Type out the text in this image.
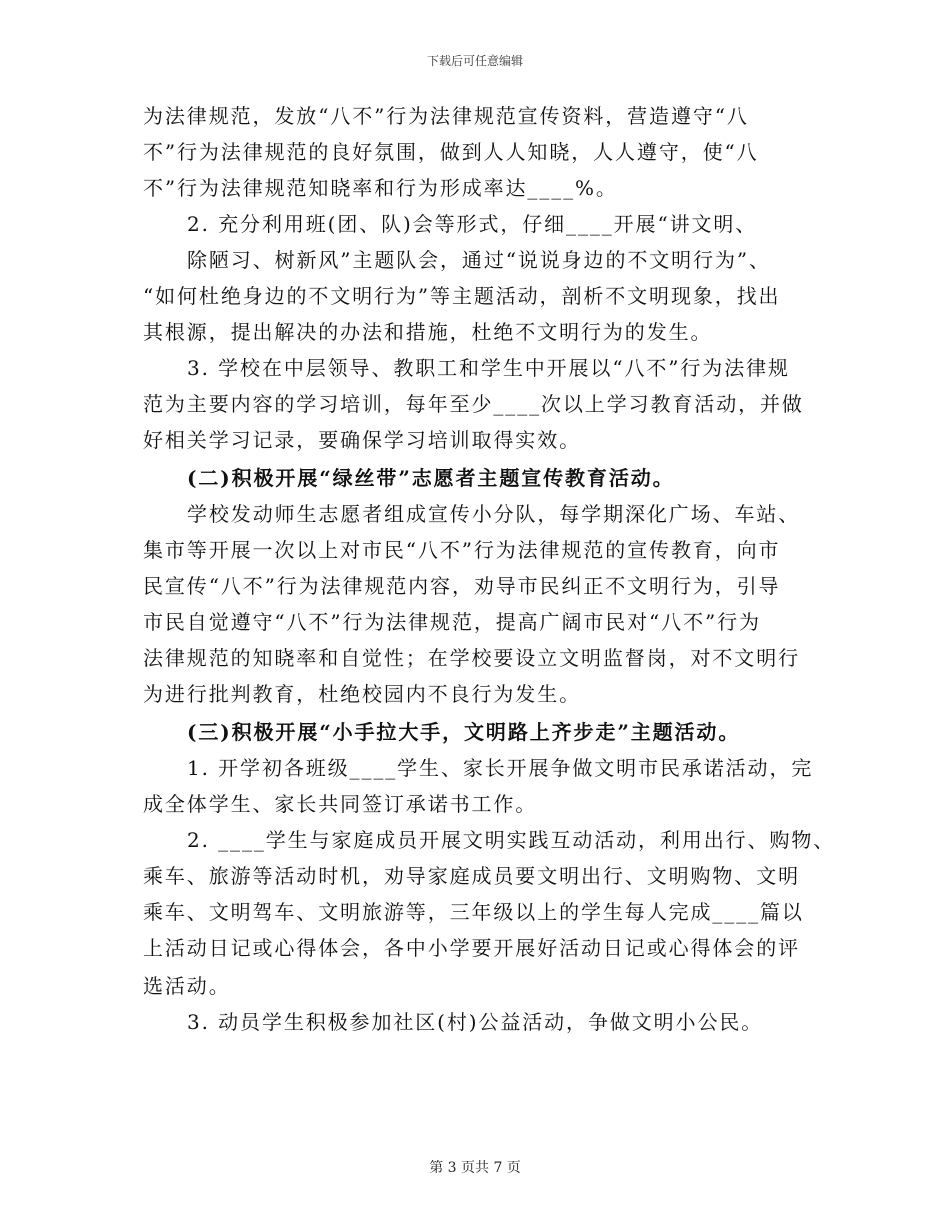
下载后可任意编辑
为法律规范，发放“八不”行为法律规范宣传资料，营造遵守“八
不”行为法律规范的良好氛围，做到人人知晓，人人遵守，使“八
不”行为法律规范知晓率和行为形成率达____%。
2. 充分利用班(团、队)会等形式，仔细____开展“讲文明、
除陋习、树新风”主题队会，通过“说说身边的不文明行为”、
“如何杜绝身边的不文明行为”等主题活动，剖析不文明现象，找出
其根源，提出解决的办法和措施，杜绝不文明行为的发生。
3. 学校在中层领导、教职工和学生中开展以“八不”行为法律规
范为主要内容的学习培训，每年至少____次以上学习教育活动，并做
好相关学习记录，要确保学习培训取得实效。
(二)积极开展“绿丝带”志愿者主题宣传教育活动。
学校发动师生志愿者组成宣传小分队，每学期深化广场、车站、
集市等开展一次以上对市民“八不”行为法律规范的宣传教育，向市
民宣传“八不”行为法律规范内容，劝导市民纠正不文明行为，引导
市民自觉遵守“八不”行为法律规范，提高广阔市民对“八不”行为
法律规范的知晓率和自觉性；在学校要设立文明监督岗，对不文明行
为进行批判教育，杜绝校园内不良行为发生。
(三)积极开展“小手拉大手，文明路上齐步走”主题活动。
1. 开学初各班级____学生、家长开展争做文明市民承诺活动，完
成全体学生、家长共同签订承诺书工作。
2. ____学生与家庭成员开展文明实践互动活动，利用出行、购物、
乘车、旅游等活动时机，劝导家庭成员要文明出行、文明购物、文明
乘车、文明驾车、文明旅游等，三年级以上的学生每人完成____篇以
上活动日记或心得体会，各中小学要开展好活动日记或心得体会的评
选活动。
3. 动员学生积极参加社区(村)公益活动，争做文明小公民。
第 3 页共 7 页
